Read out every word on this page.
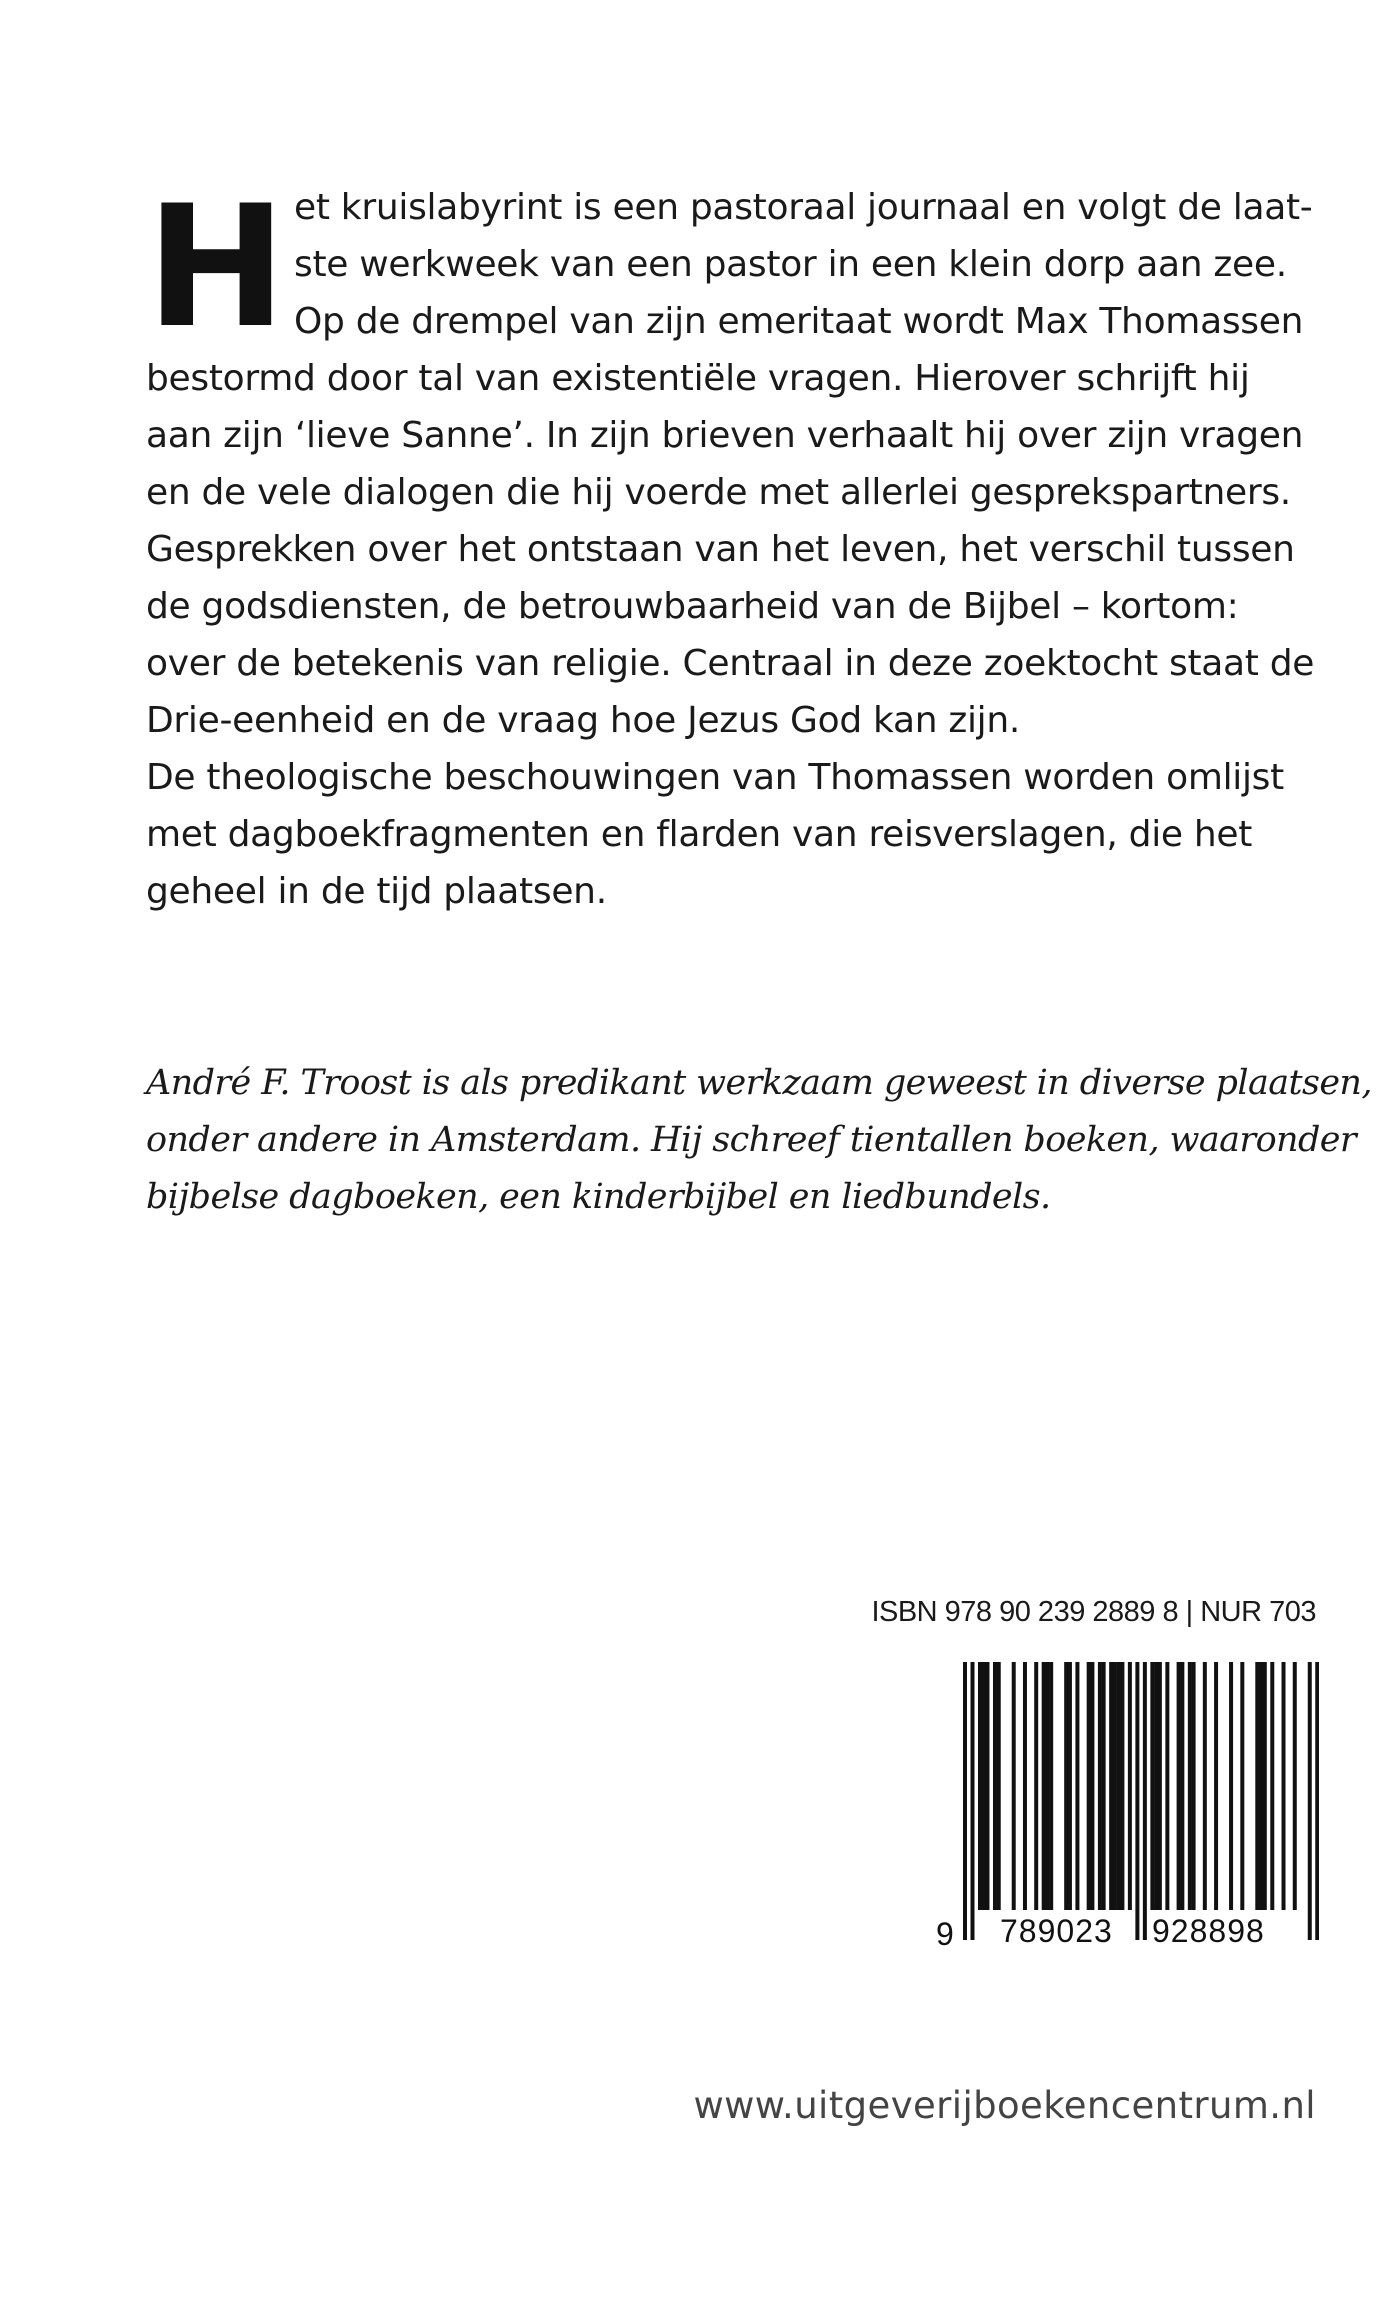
H et kruislabyrint is een pastoraal journaal en volgt de laat-
ste werkweek van een pastor in een klein dorp aan zee.
Op de drempel van zijn emeritaat wordt Max Thomassen
bestormd door tal van existentiële vragen. Hierover schrijft hij
aan zijn ‘lieve Sanne’. In zijn brieven verhaalt hij over zijn vragen
en de vele dialogen die hij voerde met allerlei gesprekspartners.
Gesprekken over het ontstaan van het leven, het verschil tussen
de godsdiensten, de betrouwbaarheid van de Bijbel – kortom:
over de betekenis van religie. Centraal in deze zoektocht staat de
Drie-eenheid en de vraag hoe Jezus God kan zijn.
De theologische beschouwingen van Thomassen worden omlijst
met dagboekfragmenten en flarden van reisverslagen, die het
geheel in de tijd plaatsen.
André F. Troost is als predikant werkzaam geweest in diverse plaatsen,
onder andere in Amsterdam. Hij schreef tientallen boeken, waaronder
bijbelse dagboeken, een kinderbijbel en liedbundels.
ISBN 978 90 239 2889 8 | NUR 703
9 789023 928898
www.uitgeverijboekencentrum.nl
